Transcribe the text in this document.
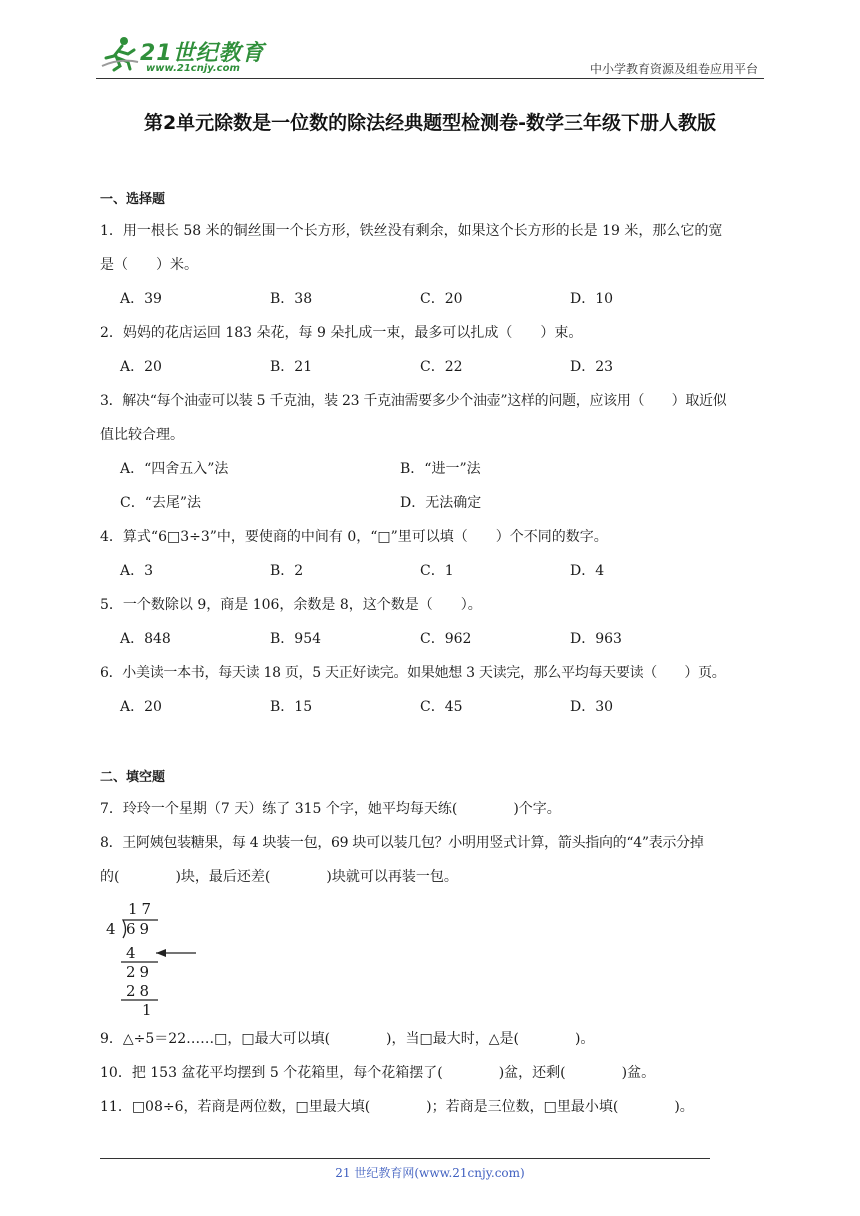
21世纪教育
www.21cnjy.com	中小学教育资源及组卷应用平台
第2单元除数是一位数的除法经典题型检测卷-数学三年级下册人教版

一、选择题

1．用一根长 58 米的铜丝围一个长方形，铁丝没有剩余，如果这个长方形的长是 19 米，那么它的宽

是（　　）米。

A．39	B．38	C．20	D．10

2．妈妈的花店运回 183 朵花，每 9 朵扎成一束，最多可以扎成（　　）束。

A．20	B．21	C．22	D．23

3．解决“每个油壶可以装 5 千克油，装 23 千克油需要多少个油壶”这样的问题，应该用（　　）取近似

值比较合理。

A．“四舍五入”法	B．“进一”法
C．“去尾”法	D．无法确定

4．算式“6□3÷3”中，要使商的中间有 0，“□”里可以填（　　）个不同的数字。

A．3	B．2	C．1	D．4

5．一个数除以 9，商是 106，余数是 8，这个数是（　　）。

A．848	B．954	C．962	D．963

6．小美读一本书，每天读 18 页，5 天正好读完。如果她想 3 天读完，那么平均每天要读（　　）页。

A．20	B．15	C．45	D．30

二、填空题

7．玲玲一个星期（7 天）练了 315 个字，她平均每天练(　　　　)个字。

8．王阿姨包装糖果，每 4 块装一包，69 块可以装几包？小明用竖式计算，箭头指向的“4”表示分掉

的(　　　　)块，最后还差(　　　　)块就可以再装一包。

17
4 69
4
29
28
1

9．△÷5＝22……□，□最大可以填(　　　　)，当□最大时，△是(　　　　)。

10．把 153 盆花平均摆到 5 个花箱里，每个花箱摆了(　　　　)盆，还剩(　　　　)盆。

11．□08÷6，若商是两位数，□里最大填(　　　　)；若商是三位数，□里最小填(　　　　)。

21 世纪教育网(www.21cnjy.com)
